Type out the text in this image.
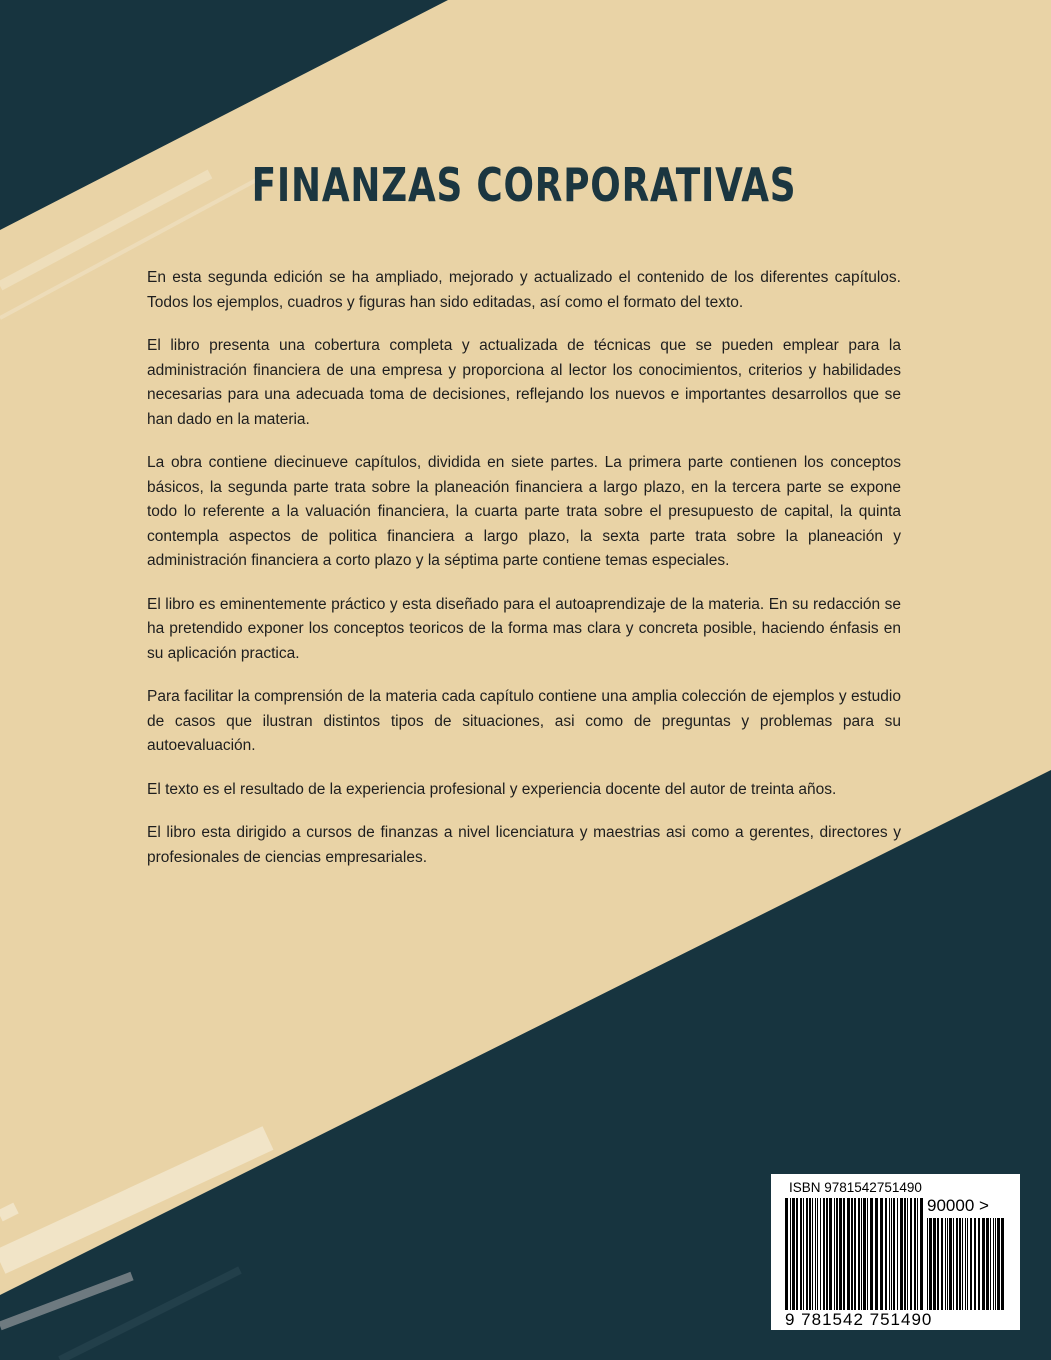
FINANZAS CORPORATIVAS

En esta segunda edición se ha ampliado, mejorado y actualizado el contenido de los diferentes capítulos. Todos los ejemplos, cuadros y figuras han sido editadas, así como el formato del texto.

El libro presenta una cobertura completa y actualizada de técnicas que se pueden emplear para la administración financiera de una empresa y proporciona al lector los conocimientos, criterios y habilidades necesarias para una adecuada toma de decisiones, reflejando los nuevos e importantes desarrollos que se han dado en la materia.

La obra contiene diecinueve capítulos, dividida en siete partes. La primera parte contienen los conceptos básicos, la segunda parte trata sobre la planeación financiera a largo plazo, en la tercera parte se expone todo lo referente a la valuación financiera, la cuarta parte trata sobre el presupuesto de capital, la quinta contempla aspectos de politica financiera a largo plazo, la sexta parte trata sobre la planeación y administración financiera a corto plazo y la séptima parte contiene temas especiales.

El libro es eminentemente práctico y esta diseñado para el autoaprendizaje de la materia. En su redacción se ha pretendido exponer los conceptos teoricos de la forma mas clara y concreta posible, haciendo énfasis en su aplicación practica.

Para facilitar la comprensión de la materia cada capítulo contiene una amplia colección de ejemplos y estudio de casos que ilustran distintos tipos de situaciones, asi como de preguntas y problemas para su autoevaluación.

El texto es el resultado de la experiencia profesional y experiencia docente del autor de treinta años.

El libro esta dirigido a cursos de finanzas a nivel licenciatura y maestrias asi como a gerentes, directores y profesionales de ciencias empresariales.

ISBN 9781542751490
90000 >
9 781542 751490
